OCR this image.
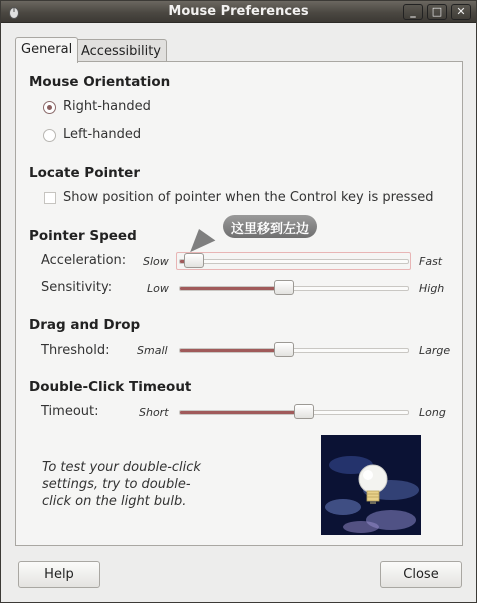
Mouse Preferences	_	□	✕
General Accessibility
Mouse Orientation
Right-handed
Left-handed
Locate Pointer
Show position of pointer when the Control key is pressed
Pointer Speed
Acceleration: Slow	Fast
Sensitivity:	Low	High
这里移到左边
Drag and Drop
Threshold:	Small	Large
Double-Click Timeout
Timeout:	Short	Long
To test your double-click settings, try to double-click on the light bulb.
Help	Close
